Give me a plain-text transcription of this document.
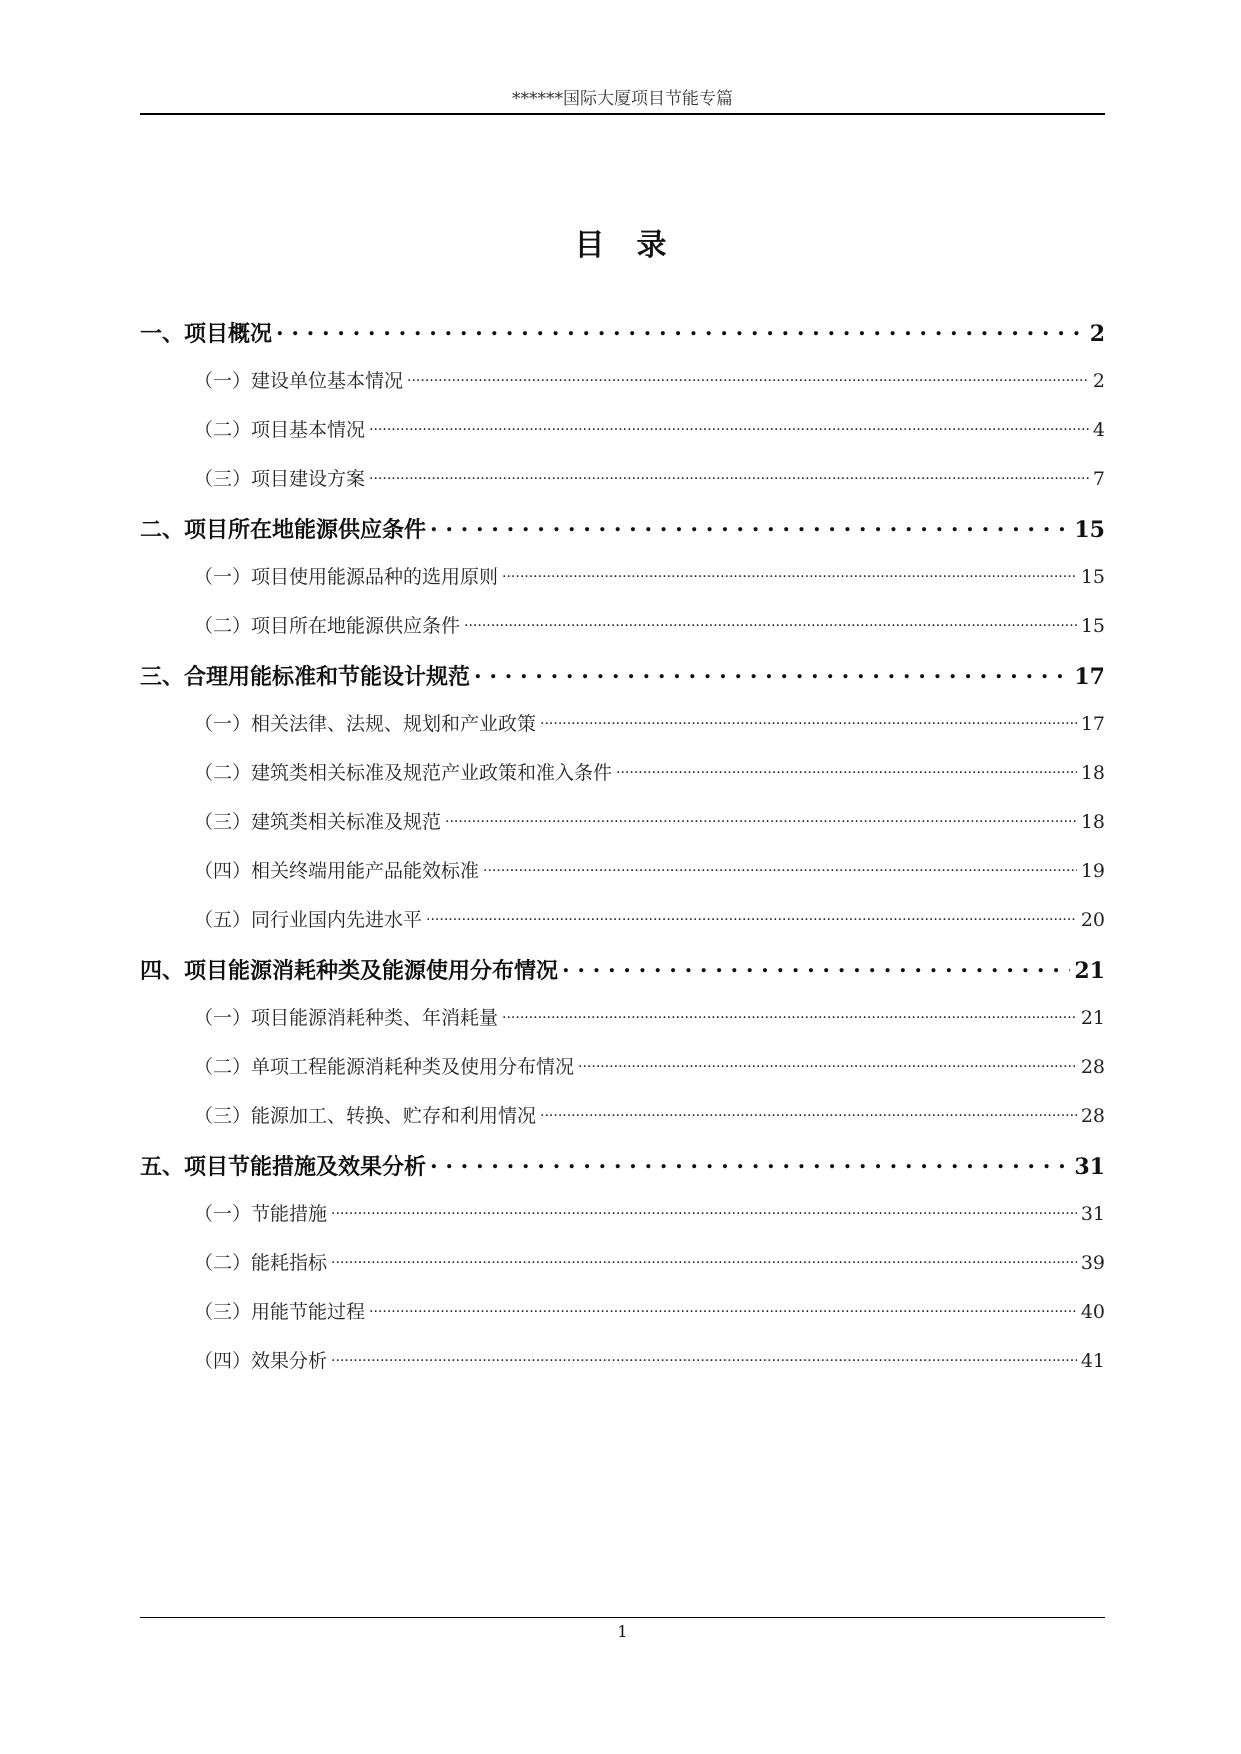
******国际大厦项目节能专篇
目录
一、项目概况 . . .	2
（一）建设单位基本情况 .....	2
（二）项目基本情况 .....	4
（三）项目建设方案 .....	7
二、项目所在地能源供应条件 . . .	15
（一）项目使用能源品种的选用原则 .....	15
（二）项目所在地能源供应条件 .....	15
三、合理用能标准和节能设计规范 . . .	17
（一）相关法律、法规、规划和产业政策 .....	17
（二）建筑类相关标准及规范产业政策和准入条件 .....	18
（三）建筑类相关标准及规范 .....	18
（四）相关终端用能产品能效标准 .....	19
（五）同行业国内先进水平 .....	20
四、项目能源消耗种类及能源使用分布情况 . . .	21
（一）项目能源消耗种类、年消耗量 .....	21
（二）单项工程能源消耗种类及使用分布情况 .....	28
（三）能源加工、转换、贮存和利用情况 .....	28
五、项目节能措施及效果分析 . . .	31
（一）节能措施 .....	31
（二）能耗指标 .....	39
（三）用能节能过程 .....	40
（四）效果分析 .....	41
1
